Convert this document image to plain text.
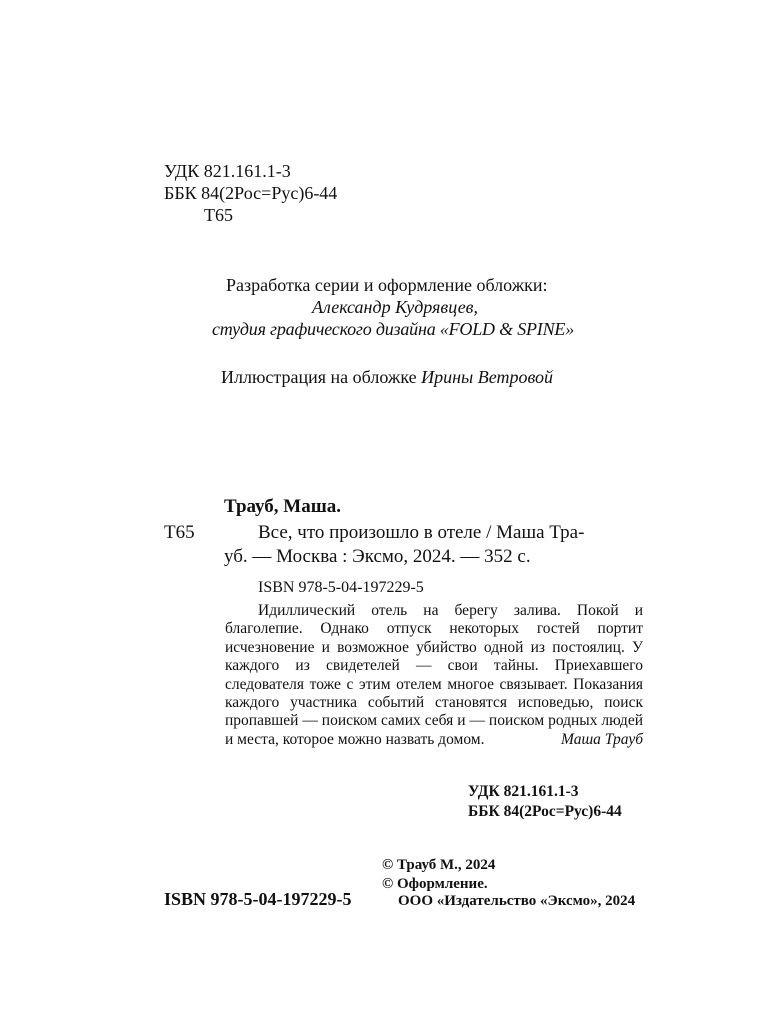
УДК 821.161.1-3
ББК 84(2Рос=Рус)6-44
Т65
Разработка серии и оформление обложки:
Александр Кудрявцев,
студия графического дизайна «FOLD & SPINE»
Иллюстрация на обложке Ирины Ветровой
Трауб, Маша.
Т65	Все, что произошло в отеле / Маша Тра-
уб. — Москва : Эксмо, 2024. — 352 с.
ISBN 978-5-04-197229-5

Идиллический отель на берегу залива. Покой и благолепие. Однако отпуск некоторых гостей портит исчезновение и возможное убийство одной из постоялиц. У каждого из свидетелей — свои тайны. Приехавшего следователя тоже с этим отелем многое связывает. Показания каждого участника событий становятся исповедью, поиск пропавшей — поиском самих себя и — поиском родных людей и места, которое можно назвать домом.	Маша Трауб
УДК 821.161.1-3
ББК 84(2Рос=Рус)6-44
© Трауб М., 2024
© Оформление.
ООО «Издательство «Эксмо», 2024
ISBN 978-5-04-197229-5
